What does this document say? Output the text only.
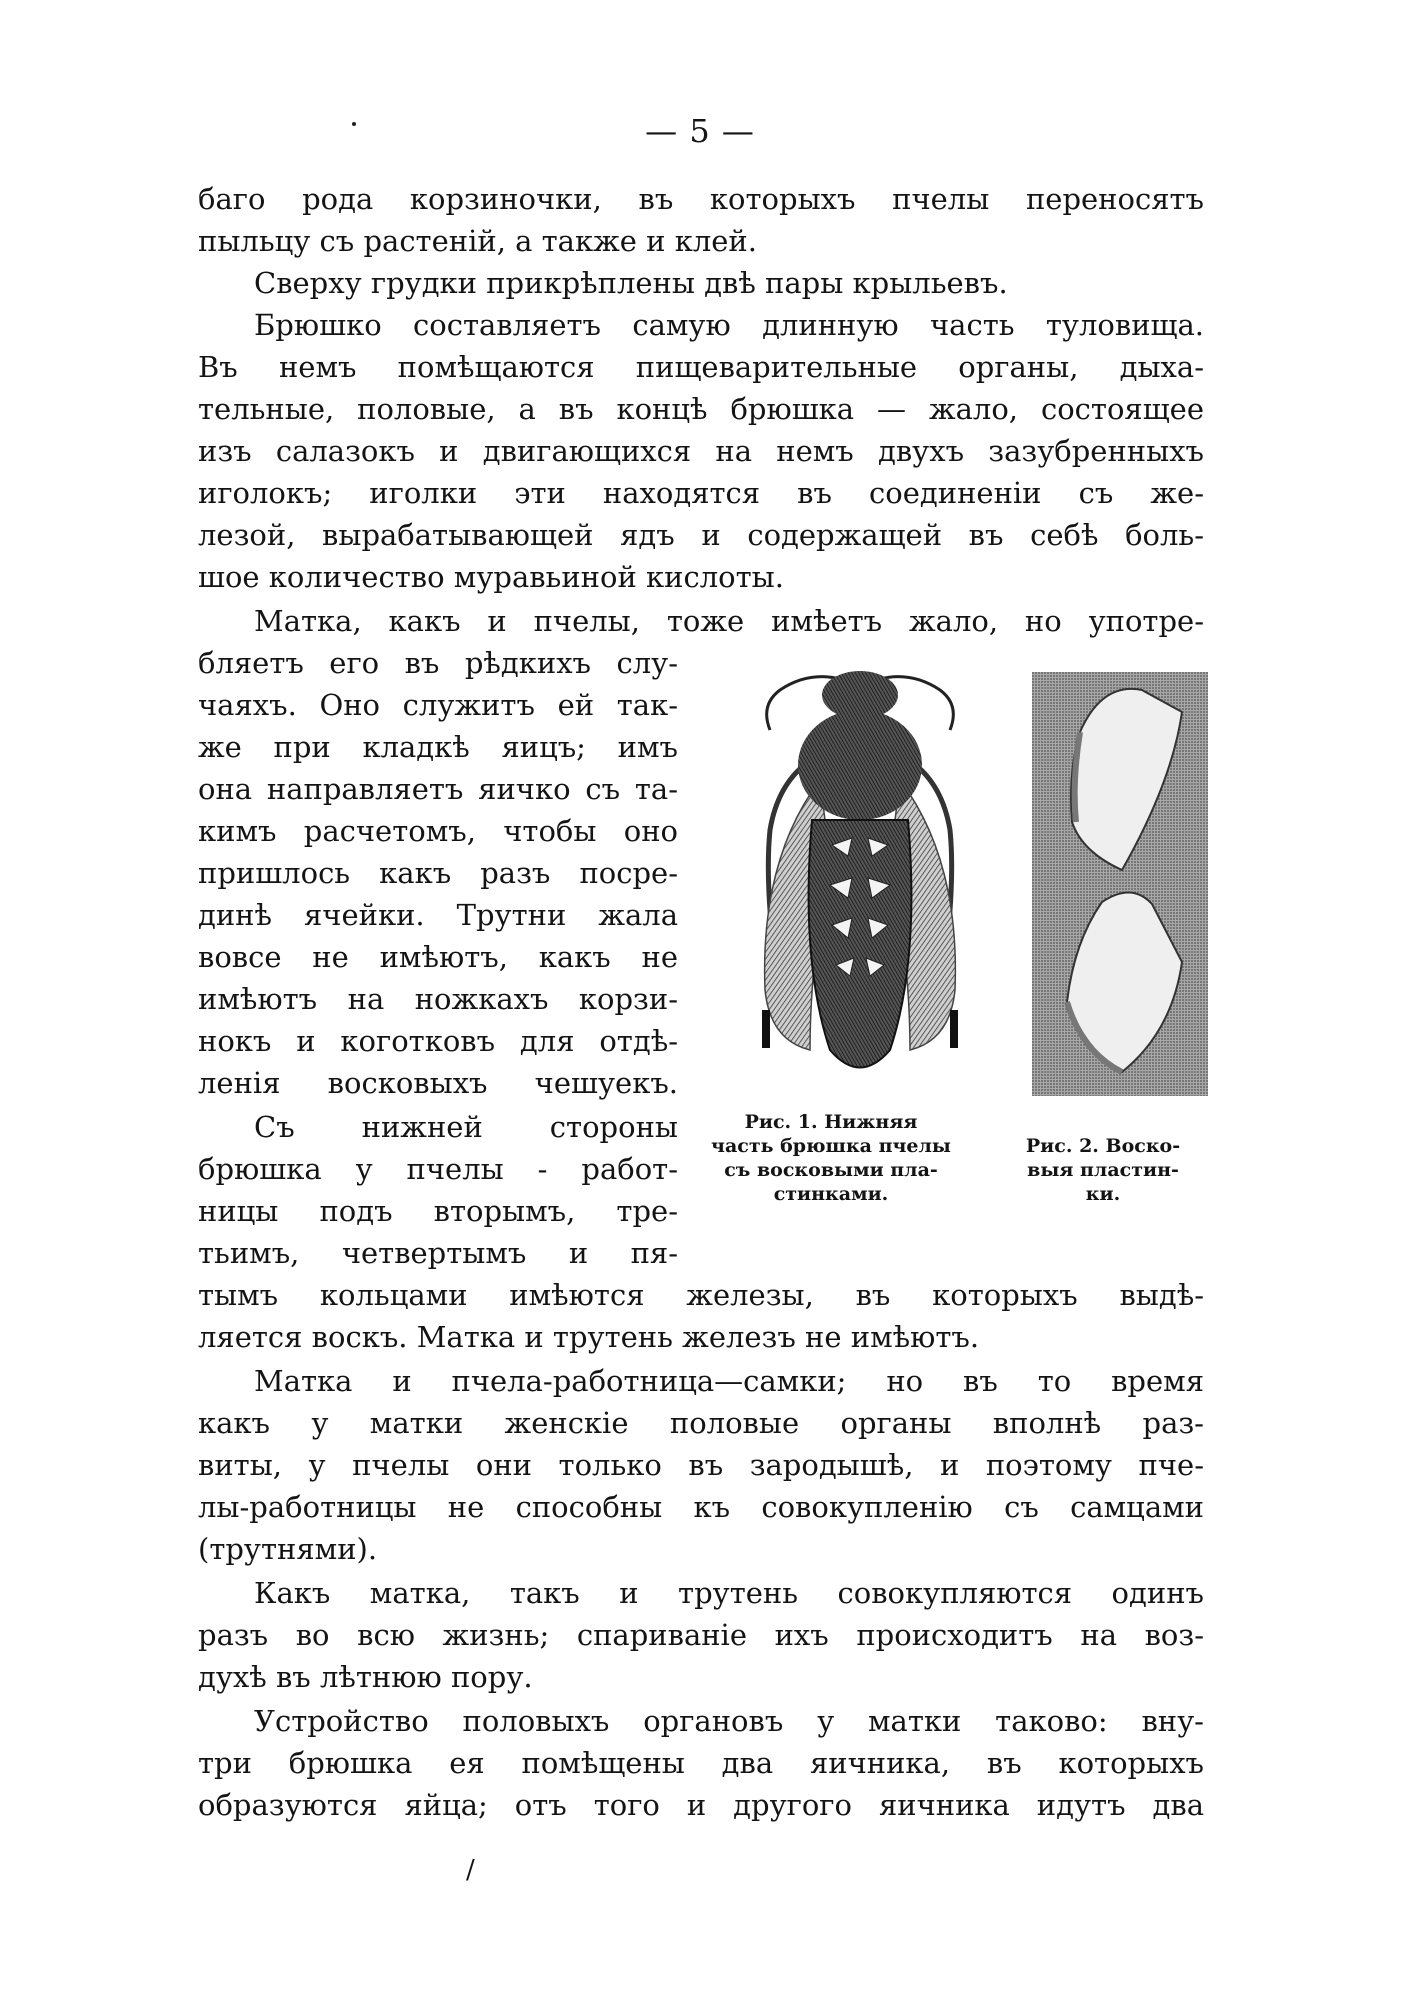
— 5 —
баго рода корзиночки, въ которыхъ пчелы переносятъ
пыльцу съ растеній, а также и клей.
Сверху грудки прикрѣплены двѣ пары крыльевъ.
Брюшко составляетъ самую длинную часть туловища.
Въ немъ помѣщаются пищеварительные органы, дыха-
тельные, половые, а въ концѣ брюшка — жало, состоящее
изъ салазокъ и двигающихся на немъ двухъ зазубренныхъ
иголокъ; иголки эти находятся въ соединеніи съ же-
лезой, вырабатывающей ядъ и содержащей въ себѣ боль-
шое количество муравьиной кислоты.
Матка, какъ и пчелы, тоже имѣетъ жало, но употре-
бляетъ его въ рѣдкихъ слу-
чаяхъ. Оно служитъ ей так-
же при кладкѣ яицъ; имъ
она направляетъ яичко съ та-
кимъ расчетомъ, чтобы оно
пришлось какъ разъ посре-
динѣ ячейки. Трутни жала
вовсе не имѣютъ, какъ не
имѣютъ на ножкахъ корзи-
нокъ и коготковъ для отдѣ-
ленія восковыхъ чешуекъ.
Съ нижней стороны
брюшка у пчелы - работ-
ницы подъ вторымъ, тре-
тьимъ, четвертымъ и пя-
тымъ кольцами имѣются железы, въ которыхъ выдѣ-
ляется воскъ. Матка и трутень железъ не имѣютъ.
Матка и пчела-работница—самки; но въ то время
какъ у матки женскіе половые органы вполнѣ раз-
виты, у пчелы они только въ зародышѣ, и поэтому пче-
лы-работницы не способны къ совокупленію съ самцами
(трутнями).
Какъ матка, такъ и трутень совокупляются одинъ
разъ во всю жизнь; спариваніе ихъ происходитъ на воз-
духѣ въ лѣтнюю пору.
Устройство половыхъ органовъ у матки таково: вну-
три брюшка ея помѣщены два яичника, въ которыхъ
образуются яйца; отъ того и другого яичника идутъ два
Рис. 1. Нижняя
часть брюшка пчелы
съ восковыми пла-
стинками.
Рис. 2. Воско-
выя пластин-
ки.
/
